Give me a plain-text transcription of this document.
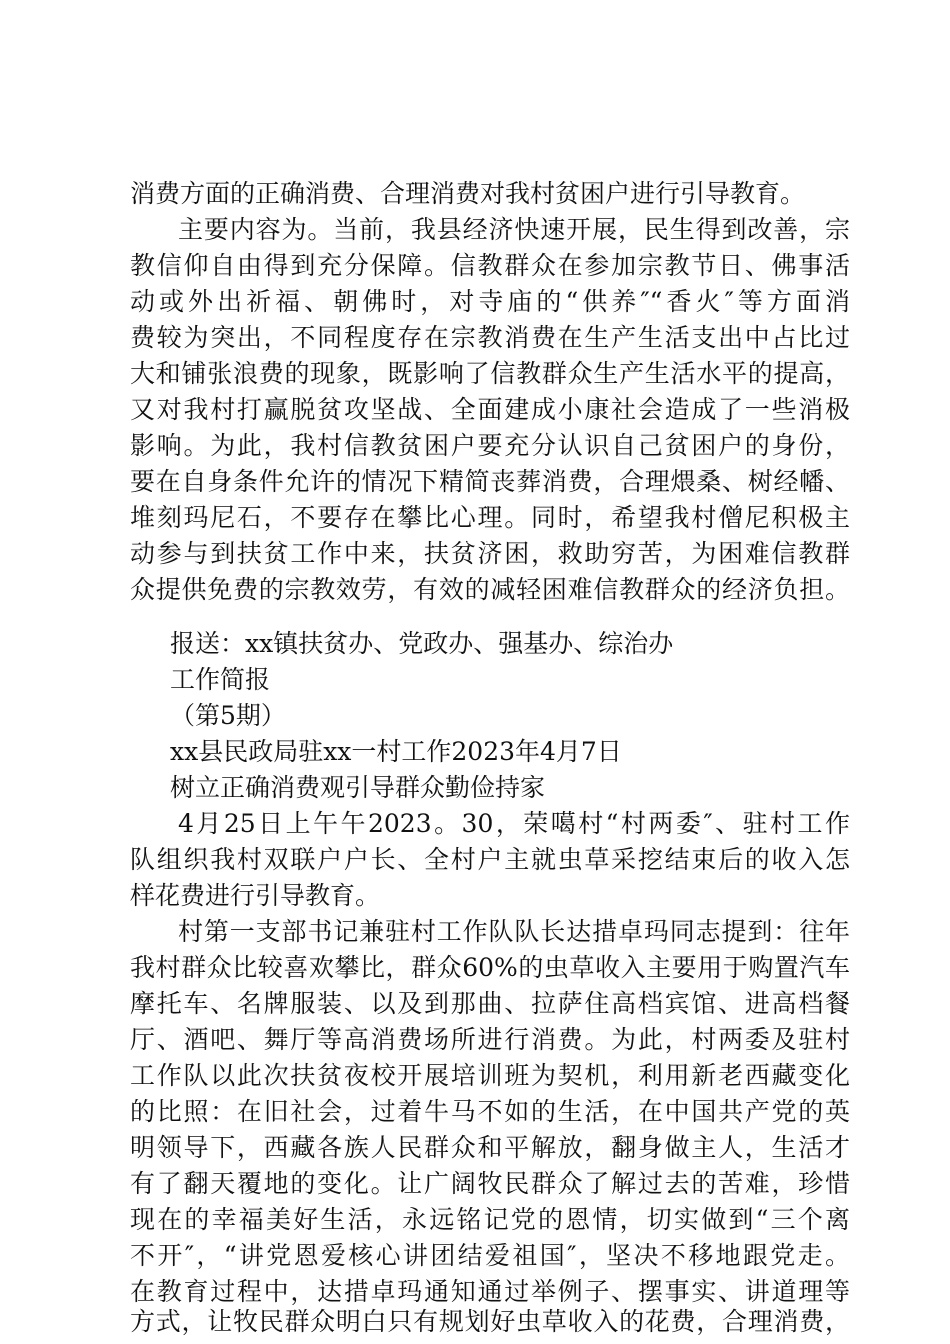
消费方面的正确消费、合理消费对我村贫困户进行引导教育。
主要内容为。当前，我县经济快速开展，民生得到改善，宗
教信仰自由得到充分保障。信教群众在参加宗教节日、佛事活
动或外出祈福、朝佛时，对寺庙的“供养″“香火″等方面消
费较为突出，不同程度存在宗教消费在生产生活支出中占比过
大和铺张浪费的现象，既影响了信教群众生产生活水平的提高，
又对我村打赢脱贫攻坚战、全面建成小康社会造成了一些消极
影响。为此，我村信教贫困户要充分认识自己贫困户的身份，
要在自身条件允许的情况下精简丧葬消费，合理煨桑、树经幡、
堆刻玛尼石，不要存在攀比心理。同时，希望我村僧尼积极主
动参与到扶贫工作中来，扶贫济困，救助穷苦，为困难信教群
众提供免费的宗教效劳，有效的减轻困难信教群众的经济负担。
报送：xx镇扶贫办、党政办、强基办、综治办
工作简报
（第5期）
xx县民政局驻xx一村工作2023年4月7日
树立正确消费观引导群众勤俭持家
4月25日上午午2023。30，荣噶村“村两委″、驻村工作
队组织我村双联户户长、全村户主就虫草采挖结束后的收入怎
样花费进行引导教育。
村第一支部书记兼驻村工作队队长达措卓玛同志提到：往年
我村群众比较喜欢攀比，群众60%的虫草收入主要用于购置汽车
摩托车、名牌服装、以及到那曲、拉萨住高档宾馆、进高档餐
厅、酒吧、舞厅等高消费场所进行消费。为此，村两委及驻村
工作队以此次扶贫夜校开展培训班为契机，利用新老西藏变化
的比照：在旧社会，过着牛马不如的生活，在中国共产党的英
明领导下，西藏各族人民群众和平解放，翻身做主人，生活才
有了翻天覆地的变化。让广阔牧民群众了解过去的苦难，珍惜
现在的幸福美好生活，永远铭记党的恩情，切实做到“三个离
不开″，“讲党恩爱核心讲团结爱祖国″，坚决不移地跟党走。
在教育过程中，达措卓玛通知通过举例子、摆事实、讲道理等
方式，让牧民群众明白只有规划好虫草收入的花费，合理消费，
